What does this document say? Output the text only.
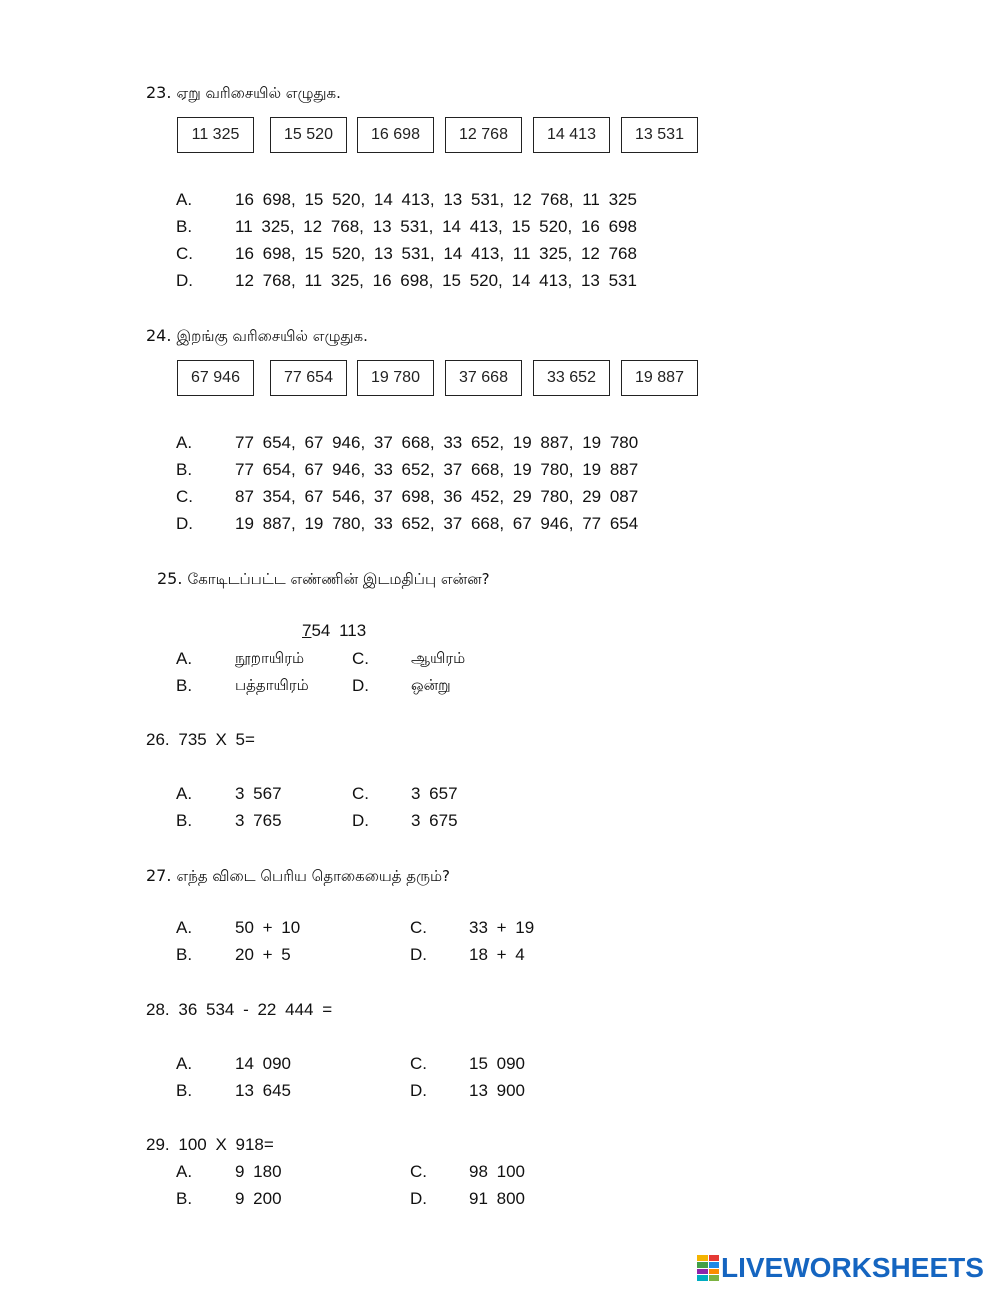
23. ஏறு வரிசையில் எழுதுக.
11 325	15 520	16 698	12 768	14 413	13 531
A.	16 698, 15 520, 14 413, 13 531, 12 768, 11 325
B.	11 325, 12 768, 13 531, 14 413, 15 520, 16 698
C. 16 698, 15 520, 13 531, 14 413, 11 325, 12 768
D. 12 768, 11 325, 16 698, 15 520, 14 413, 13 531
24. இறங்கு வரிசையில் எழுதுக.
67 946	77 654	19 780	37 668	33 652	19 887
A.	77 654, 67 946, 37 668, 33 652, 19 887, 19 780
B.	77 654, 67 946, 33 652, 37 668, 19 780, 19 887
C. 87 354, 67 546, 37 698, 36 452, 29 780, 29 087
D. 19 887, 19 780, 33 652, 37 668, 67 946, 77 654
25. கோடிடப்பட்ட எண்ணின் இடமதிப்பு என்ன?
754 113
A.	நூறாயிரம்
B.	பத்தாயிரம்
C.	ஆயிரம்
D.	ஒன்று
26. 735 X 5=
A.	3 567
B.	3 765
C. 3 657
D. 3 675
27. எந்த விடை பெரிய தொகையைத் தரும்?
A.	50 + 10
B.	20 + 5
C. 33 + 19
D. 18 + 4
28. 36 534 - 22 444 =
A.	14 090
B.	13 645
C. 15 090
D. 13 900
29. 100 X 918=
A.	9 180
B.	9 200
C. 98 100
D. 91 800
LIVEWORKSHEETS
